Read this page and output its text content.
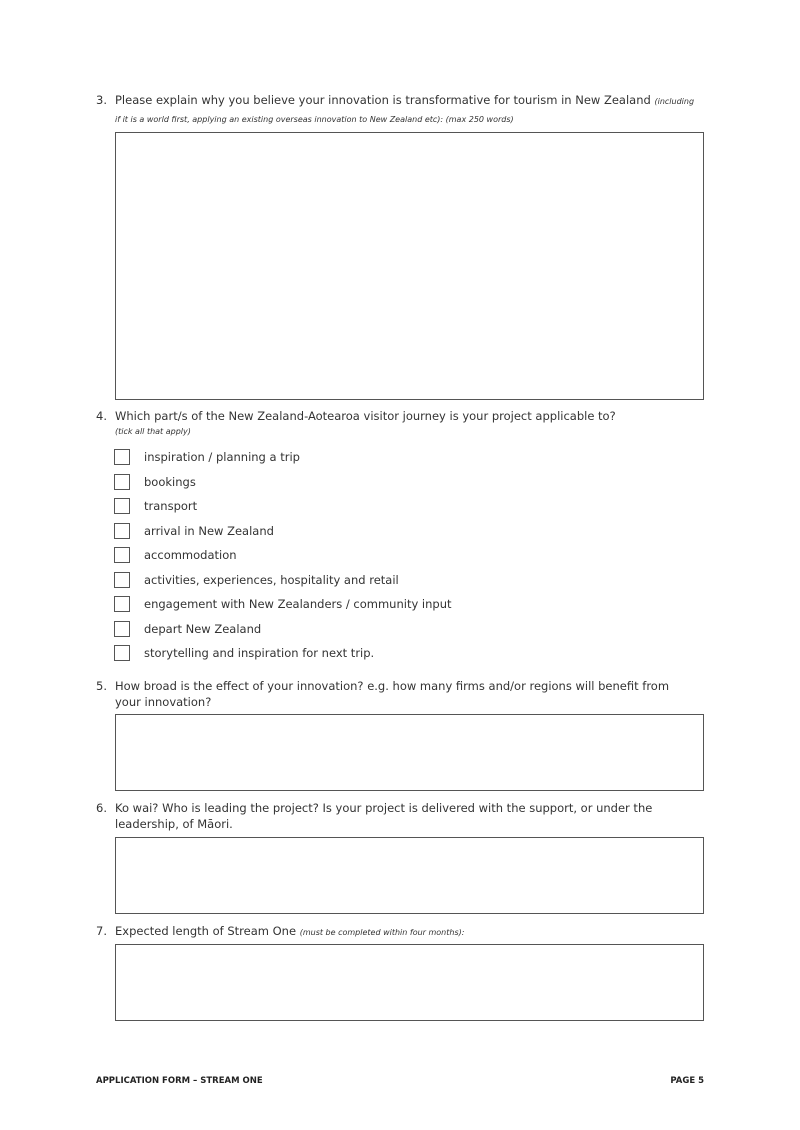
3. Please explain why you believe your innovation is transformative for tourism in New Zealand (including if it is a world first, applying an existing overseas innovation to New Zealand etc): (max 250 words)
4. Which part/s of the New Zealand-Aotearoa visitor journey is your project applicable to?
(tick all that apply)
inspiration / planning a trip
bookings
transport
arrival in New Zealand
accommodation
activities, experiences, hospitality and retail
engagement with New Zealanders / community input
depart New Zealand
storytelling and inspiration for next trip.
5. How broad is the effect of your innovation? e.g. how many firms and/or regions will benefit from your innovation?
6. Ko wai? Who is leading the project? Is your project is delivered with the support, or under the leadership, of Māori.
7. Expected length of Stream One (must be completed within four months):
APPLICATION FORM – STREAM ONE	PAGE 5
